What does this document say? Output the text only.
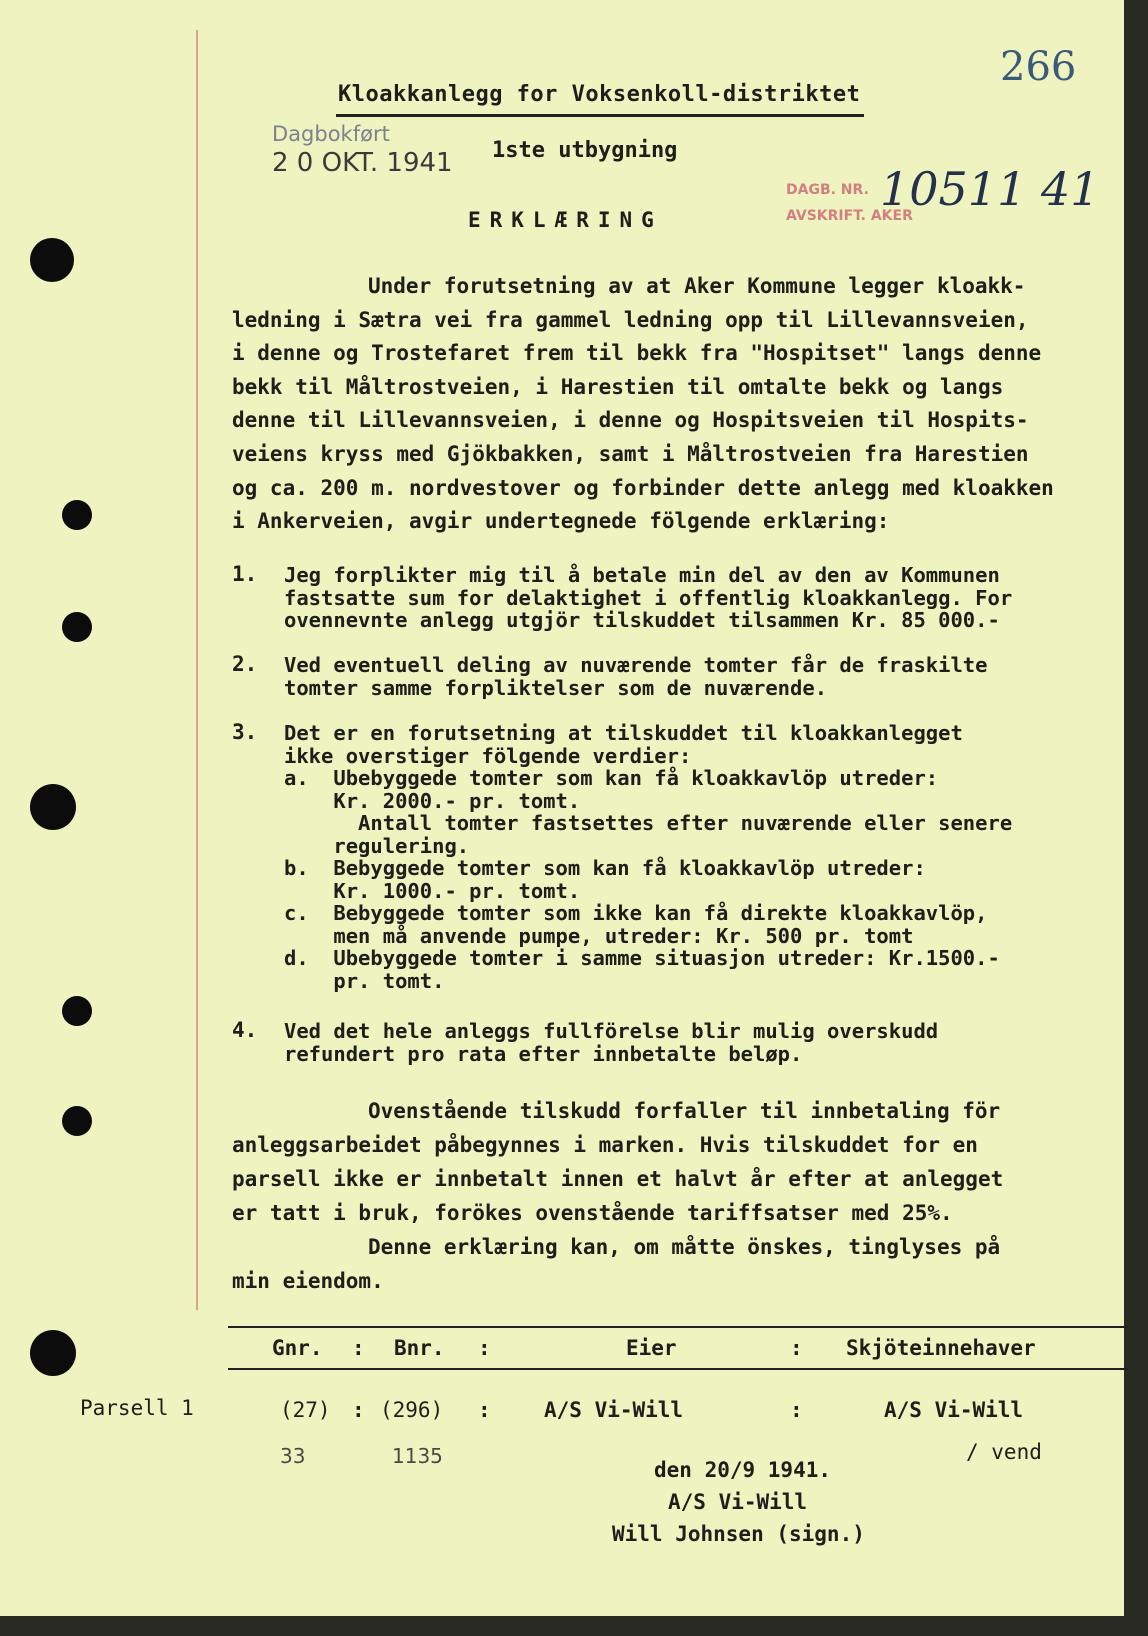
266
Kloakkanlegg for Voksenkoll-distriktet
Dagbokført
2 0 OKT. 1941 1ste utbygning
DAGB. NR.
AVSKRIFT. AKER
10511 41
ERKLÆRING
Under forutsetning av at Aker Kommune legger kloakk-
ledning i Sætra vei fra gammel ledning opp til Lillevannsveien,
i denne og Trostefaret frem til bekk fra "Hospitset" langs denne
bekk til Måltrostveien, i Harestien til omtalte bekk og langs
denne til Lillevannsveien, i denne og Hospitsveien til Hospits-
veiens kryss med Gjökbakken, samt i Måltrostveien fra Harestien
og ca. 200 m. nordvestover og forbinder dette anlegg med kloakken
i Ankerveien, avgir undertegnede fölgende erklæring:
1. Jeg forplikter mig til å betale min del av den av Kommunen
fastsatte sum for delaktighet i offentlig kloakkanlegg. For
ovennevnte anlegg utgjör tilskuddet tilsammen Kr. 85 000.-
2. Ved eventuell deling av nuværende tomter får de fraskilte
tomter samme forpliktelser som de nuværende.
3. Det er en forutsetning at tilskuddet til kloakkanlegget
ikke overstiger fölgende verdier:
a.  Ubebyggede tomter som kan få kloakkavlöp utreder:
Kr. 2000.- pr. tomt.
Antall tomter fastsettes efter nuværende eller senere
regulering.
b.  Bebyggede tomter som kan få kloakkavlöp utreder:
Kr. 1000.- pr. tomt.
c.  Bebyggede tomter som ikke kan få direkte kloakkavlöp,
men må anvende pumpe, utreder: Kr. 500 pr. tomt
d.  Ubebyggede tomter i samme situasjon utreder: Kr.1500.-
pr. tomt.
4. Ved det hele anleggs fullförelse blir mulig overskudd
refundert pro rata efter innbetalte beløp.
Ovenstående tilskudd forfaller til innbetaling för
anleggsarbeidet påbegynnes i marken. Hvis tilskuddet for en
parsell ikke er innbetalt innen et halvt år efter at anlegget
er tatt i bruk, forökes ovenstående tariffsatser med 25%.
Denne erklæring kan, om måtte önskes, tinglyses på
min eiendom.
Gnr. : Bnr. :	Eier	: Skjöteinnehaver
Parsell 1	(27) : (296) :	A/S Vi-Will	:	A/S Vi-Will
33	1135	/ vend
den 20/9 1941.
A/S Vi-Will
Will Johnsen (sign.)
